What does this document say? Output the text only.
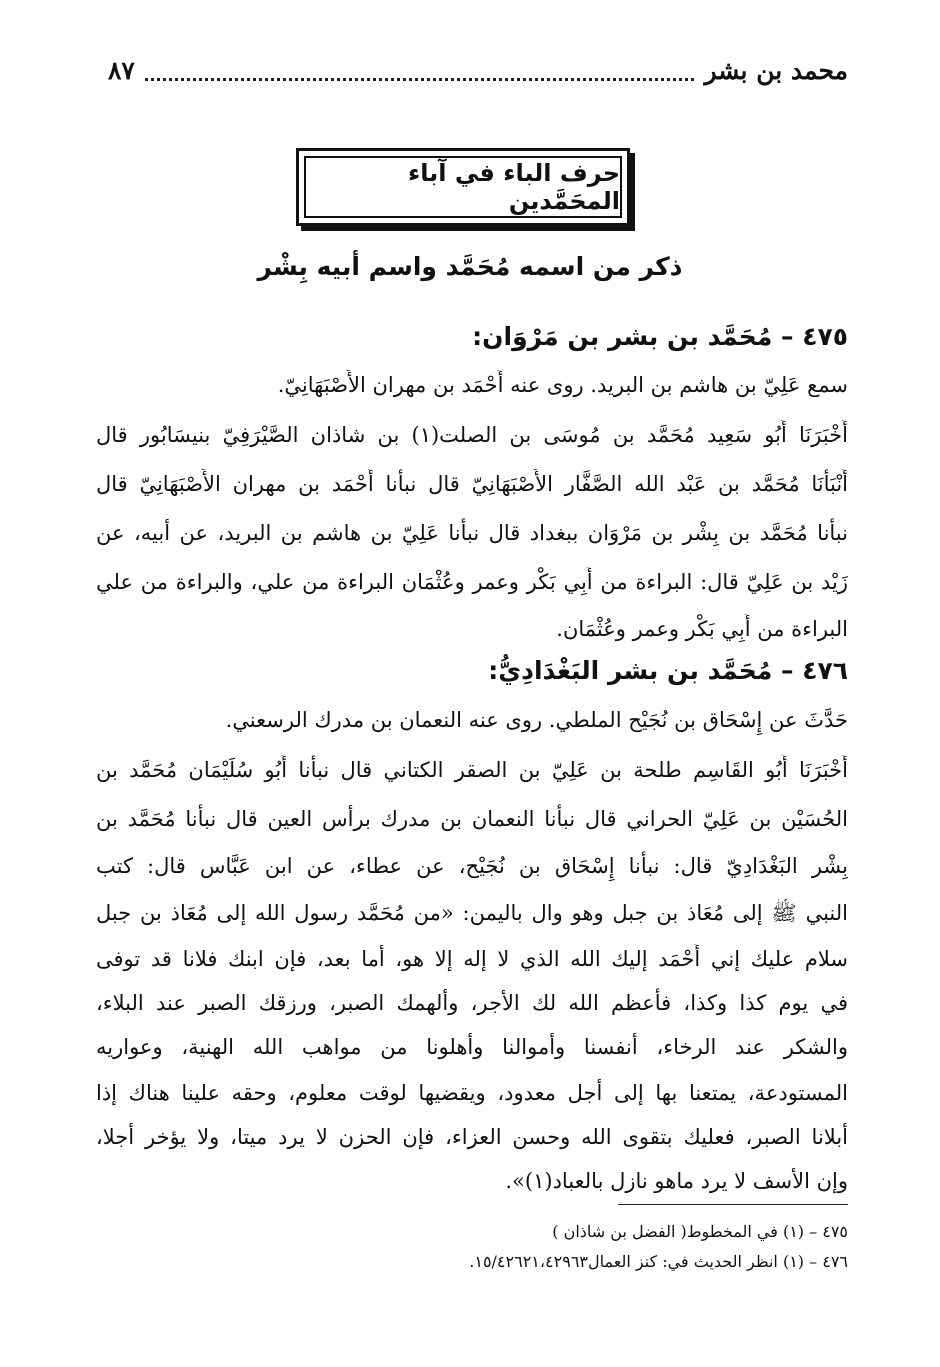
محمد بن بشر
٨٧
حرف الباء في آباء المحَمَّدين
ذكر من اسمه مُحَمَّد واسم أبيه بِشْر
٤٧٥ – مُحَمَّد بن بشر بن مَرْوَان:
سمع عَلِيّ بن هاشم بن البريد. روى عنه أَحْمَد بن مهران الأَصْبَهَانِيّ.
أَخْبَرَنَا أَبُو سَعِيد مُحَمَّد بن مُوسَى بن الصلت(١) بن شاذان الصَّيْرَفِيّ بنيسَابُور قال
أَنْبَأَنَا مُحَمَّد بن عَبْد الله الصَّفَّار الأَصْبَهَانِيّ قال نبأنا أَحْمَد بن مهران الأَصْبَهَانِيّ قال
نبأنا مُحَمَّد بن بِشْر بن مَرْوَان ببغداد قال نبأنا عَلِيّ بن هاشم بن البريد، عن أبيه، عن
زَيْد بن عَلِيّ قال: البراءة من أَبِي بَكْر وعمر وعُثْمَان البراءة من علي، والبراءة من علي
البراءة من أَبِي بَكْر وعمر وعُثْمَان.
٤٧٦ – مُحَمَّد بن بشر البَغْدَادِيُّ:
حَدَّثَ عن إِسْحَاق بن نُجَيْح الملطي. روى عنه النعمان بن مدرك الرسعني.
أَخْبَرَنَا أَبُو القَاسِم طلحة بن عَلِيّ بن الصقر الكتاني قال نبأنا أَبُو سُلَيْمَان مُحَمَّد بن
الحُسَيْن بن عَلِيّ الحراني قال نبأنا النعمان بن مدرك برأس العين قال نبأنا مُحَمَّد بن
بِشْر البَغْدَادِيّ قال: نبأنا إِسْحَاق بن نُجَيْح، عن عطاء، عن ابن عَبَّاس قال: كتب
النبي ﷺ إلى مُعَاذ بن جبل وهو وال باليمن: «من مُحَمَّد رسول الله إلى مُعَاذ بن جبل
سلام عليك إني أَحْمَد إليك الله الذي لا إله إلا هو، أما بعد، فإن ابنك فلانا قد توفى
في يوم كذا وكذا، فأعظم الله لك الأجر، وألهمك الصبر، ورزقك الصبر عند البلاء،
والشكر عند الرخاء، أنفسنا وأموالنا وأهلونا من مواهب الله الهنية، وعواريه
المستودعة، يمتعنا بها إلى أجل معدود، ويقضيها لوقت معلوم، وحقه علينا هناك إذا
أبلانا الصبر، فعليك بتقوى الله وحسن العزاء، فإن الحزن لا يرد ميتا، ولا يؤخر أجلا،
وإن الأسف لا يرد ماهو نازل بالعباد(١)».
٤٧٥ – (١) في المخطوط( الفضل بن شاذان )
٤٧٦ – (١) انظر الحديث في: كنز العمال١٥/٤٢٦٢١،٤٢٩٦٣.
